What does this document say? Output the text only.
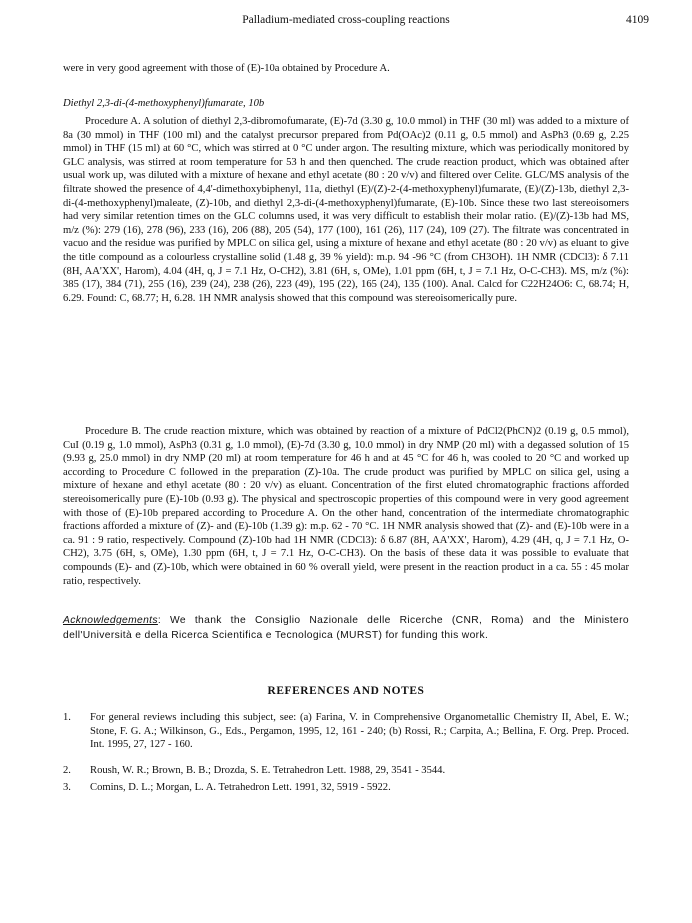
Palladium-mediated cross-coupling reactions	4109

were in very good agreement with those of (E)-10a obtained by Procedure A.

Diethyl 2,3-di-(4-methoxyphenyl)fumarate, 10b

Procedure A. A solution of diethyl 2,3-dibromofumarate, (E)-7d (3.30 g, 10.0 mmol) in THF (30 ml) was added to a mixture of 8a (30 mmol) in THF (100 ml) and the catalyst precursor prepared from Pd(OAc)2 (0.11 g, 0.5 mmol) and AsPh3 (0.69 g, 2.25 mmol) in THF (15 ml) at 60 °C, which was stirred at 0 °C under argon. The resulting mixture, which was periodically monitored by GLC analysis, was stirred at room temperature for 53 h and then quenched. The crude reaction product, which was obtained after usual work up, was diluted with a mixture of hexane and ethyl acetate (80 : 20 v/v) and filtered over Celite. GLC/MS analysis of the filtrate showed the presence of 4,4'-dimethoxybiphenyl, 11a, diethyl (E)/(Z)-2-(4-methoxyphenyl)fumarate, (E)/(Z)-13b, diethyl 2,3-di-(4-methoxyphenyl)maleate, (Z)-10b, and diethyl 2,3-di-(4-methoxyphenyl)fumarate, (E)-10b. Since these two last stereoisomers had very similar retention times on the GLC columns used, it was very difficult to establish their molar ratio. (E)/(Z)-13b had MS, m/z (%): 279 (16), 278 (96), 233 (16), 206 (88), 205 (54), 177 (100), 161 (26), 117 (24), 109 (27). The filtrate was concentrated in vacuo and the residue was purified by MPLC on silica gel, using a mixture of hexane and ethyl acetate (80 : 20 v/v) as eluant to give the title compound as a colourless crystalline solid (1.48 g, 39 % yield): m.p. 94 -96 °C (from CH3OH). 1H NMR (CDCl3): δ 7.11 (8H, AA'XX', Harom), 4.04 (4H, q, J = 7.1 Hz, O-CH2), 3.81 (6H, s, OMe), 1.01 ppm (6H, t, J = 7.1 Hz, O-C-CH3). MS, m/z (%): 385 (17), 384 (71), 255 (16), 239 (24), 238 (26), 223 (49), 195 (22), 165 (24), 135 (100). Anal. Calcd for C22H24O6: C, 68.74; H, 6.29. Found: C, 68.77; H, 6.28. 1H NMR analysis showed that this compound was stereoisomerically pure.

Procedure B. The crude reaction mixture, which was obtained by reaction of a mixture of PdCl2(PhCN)2 (0.19 g, 0.5 mmol), CuI (0.19 g, 1.0 mmol), AsPh3 (0.31 g, 1.0 mmol), (E)-7d (3.30 g, 10.0 mmol) in dry NMP (20 ml) with a degassed solution of 15 (9.93 g, 25.0 mmol) in dry NMP (20 ml) at room temperature for 46 h and at 45 °C for 46 h, was cooled to 20 °C and worked up according to Procedure C followed in the preparation (Z)-10a. The crude product was purified by MPLC on silica gel, using a mixture of hexane and ethyl acetate (80 : 20 v/v) as eluant. Concentration of the first eluted chromatographic fractions afforded stereoisomerically pure (E)-10b (0.93 g). The physical and spectroscopic properties of this compound were in very good agreement with those of (E)-10b prepared according to Procedure A. On the other hand, concentration of the intermediate chromatographic fractions afforded a mixture of (Z)- and (E)-10b (1.39 g): m.p. 62 - 70 °C. 1H NMR analysis showed that (Z)- and (E)-10b were in a ca. 91 : 9 ratio, respectively. Compound (Z)-10b had 1H NMR (CDCl3): δ 6.87 (8H, AA'XX', Harom), 4.29 (4H, q, J = 7.1 Hz, O-CH2), 3.75 (6H, s, OMe), 1.30 ppm (6H, t, J = 7.1 Hz, O-C-CH3). On the basis of these data it was possible to evaluate that compounds (E)- and (Z)-10b, which were obtained in 60 % overall yield, were present in the reaction product in a ca. 55 : 45 molar ratio, respectively.

Acknowledgements: We thank the Consiglio Nazionale delle Ricerche (CNR, Roma) and the Ministero dell'Università e della Ricerca Scientifica e Tecnologica (MURST) for funding this work.

REFERENCES AND NOTES

1.	For general reviews including this subject, see: (a) Farina, V. in Comprehensive Organometallic Chemistry II, Abel, E. W.; Stone, F. G. A.; Wilkinson, G., Eds., Pergamon, 1995, 12, 161 - 240; (b) Rossi, R.; Carpita, A.; Bellina, F. Org. Prep. Proced. Int. 1995, 27, 127 - 160.
2.	Roush, W. R.; Brown, B. B.; Drozda, S. E. Tetrahedron Lett. 1988, 29, 3541 - 3544.
3.	Comins, D. L.; Morgan, L. A. Tetrahedron Lett. 1991, 32, 5919 - 5922.
